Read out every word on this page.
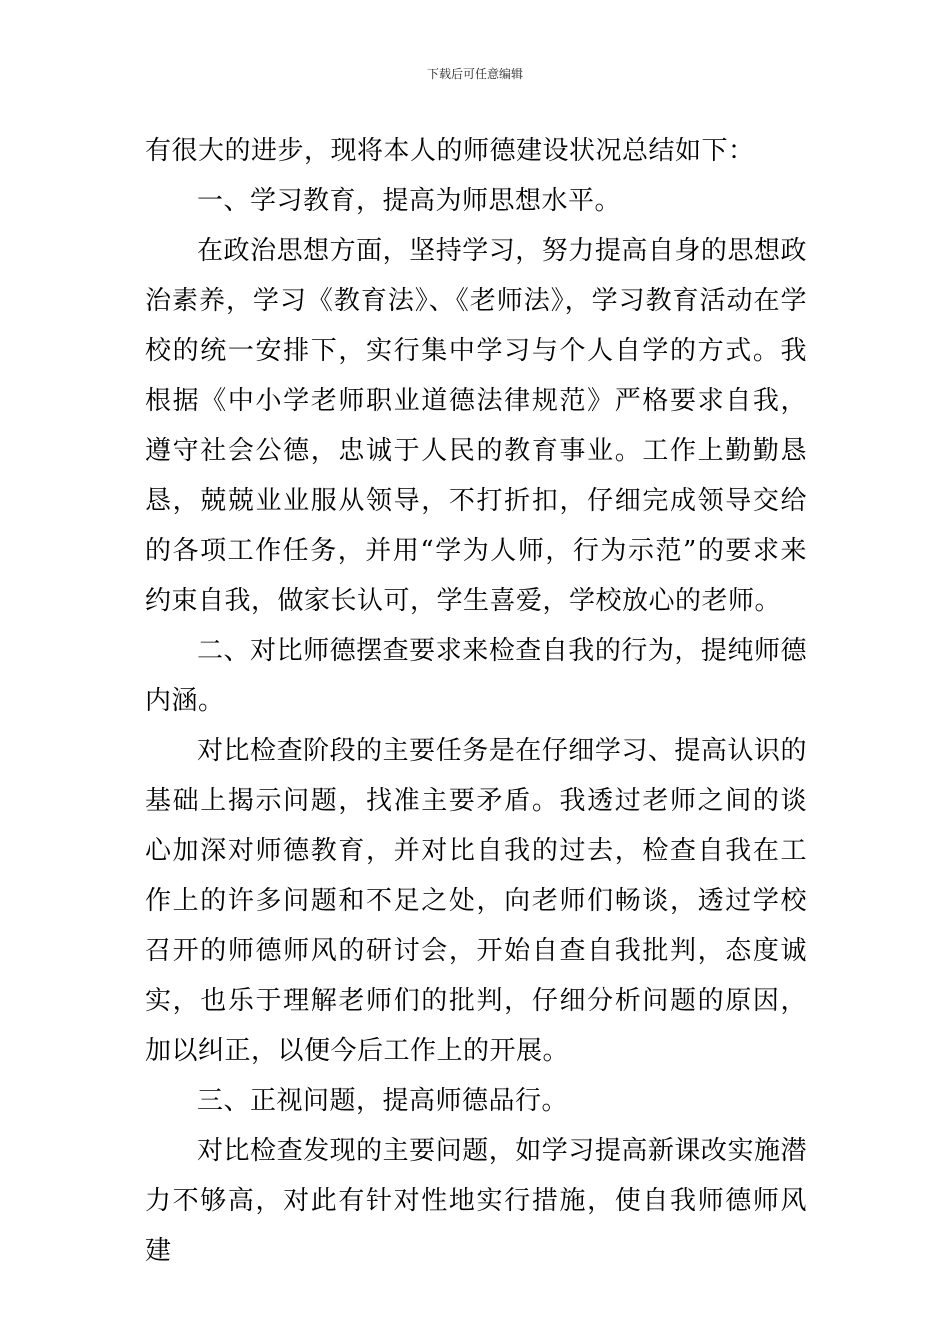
下载后可任意编辑

有很大的进步，现将本人的师德建设状况总结如下：

一、学习教育，提高为师思想水平。

在政治思想方面，坚持学习，努力提高自身的思想政治素养，学习《教育法》、《老师法》，学习教育活动在学校的统一安排下，实行集中学习与个人自学的方式。我根据《中小学老师职业道德法律规范》严格要求自我，遵守社会公德，忠诚于人民的教育事业。工作上勤勤恳恳，兢兢业业服从领导，不打折扣，仔细完成领导交给的各项工作任务，并用“学为人师，行为示范”的要求来约束自我，做家长认可，学生喜爱，学校放心的老师。

二、对比师德摆查要求来检查自我的行为，提纯师德内涵。

对比检查阶段的主要任务是在仔细学习、提高认识的基础上揭示问题，找准主要矛盾。我透过老师之间的谈心加深对师德教育，并对比自我的过去，检查自我在工作上的许多问题和不足之处，向老师们畅谈，透过学校召开的师德师风的研讨会，开始自查自我批判，态度诚实，也乐于理解老师们的批判，仔细分析问题的原因，加以纠正，以便今后工作上的开展。

三、正视问题，提高师德品行。

对比检查发现的主要问题，如学习提高新课改实施潜力不够高，对此有针对性地实行措施，使自我师德师风建
